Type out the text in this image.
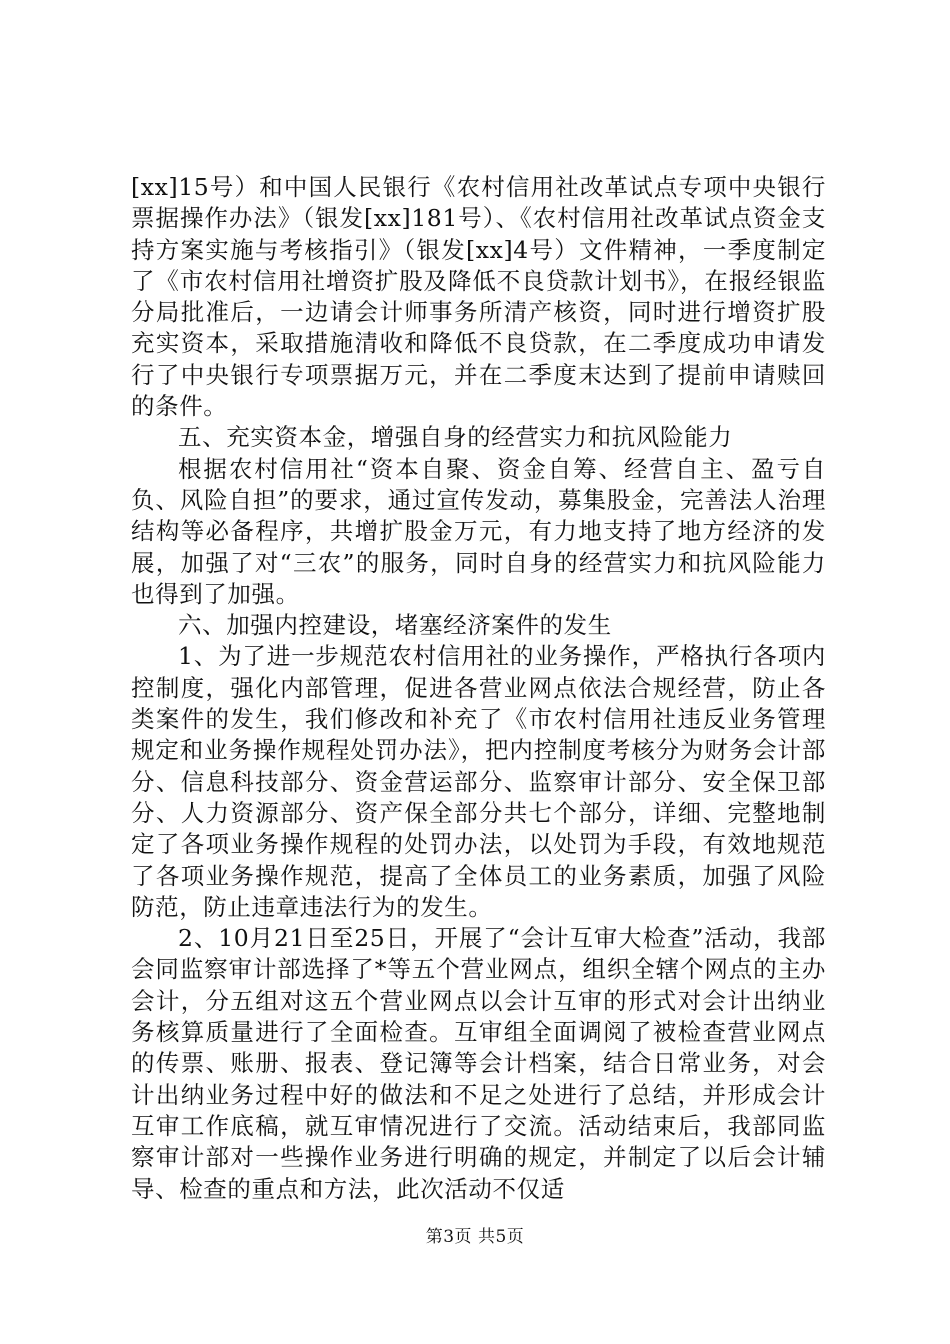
[xx]15号）和中国人民银行《农村信用社改革试点专项中央银行票据操作办法》（银发[xx]181号）、《农村信用社改革试点资金支持方案实施与考核指引》（银发[xx]4号）文件精神，一季度制定了《市农村信用社增资扩股及降低不良贷款计划书》，在报经银监分局批准后，一边请会计师事务所清产核资，同时进行增资扩股充实资本，采取措施清收和降低不良贷款，在二季度成功申请发行了中央银行专项票据万元，并在二季度末达到了提前申请赎回的条件。

五、充实资本金，增强自身的经营实力和抗风险能力

根据农村信用社“资本自聚、资金自筹、经营自主、盈亏自负、风险自担”的要求，通过宣传发动，募集股金，完善法人治理结构等必备程序，共增扩股金万元，有力地支持了地方经济的发展，加强了对“三农”的服务，同时自身的经营实力和抗风险能力也得到了加强。

六、加强内控建设，堵塞经济案件的发生

1、为了进一步规范农村信用社的业务操作，严格执行各项内控制度，强化内部管理，促进各营业网点依法合规经营，防止各类案件的发生，我们修改和补充了《市农村信用社违反业务管理规定和业务操作规程处罚办法》，把内控制度考核分为财务会计部分、信息科技部分、资金营运部分、监察审计部分、安全保卫部分、人力资源部分、资产保全部分共七个部分，详细、完整地制定了各项业务操作规程的处罚办法，以处罚为手段，有效地规范了各项业务操作规范，提高了全体员工的业务素质，加强了风险防范，防止违章违法行为的发生。

2、10月21日至25日，开展了“会计互审大检查”活动，我部会同监察审计部选择了*等五个营业网点，组织全辖个网点的主办会计，分五组对这五个营业网点以会计互审的形式对会计出纳业务核算质量进行了全面检查。互审组全面调阅了被检查营业网点的传票、账册、报表、登记簿等会计档案，结合日常业务，对会计出纳业务过程中好的做法和不足之处进行了总结，并形成会计互审工作底稿，就互审情况进行了交流。活动结束后，我部同监察审计部对一些操作业务进行明确的规定，并制定了以后会计辅导、检查的重点和方法，此次活动不仅适

第3页 共5页
